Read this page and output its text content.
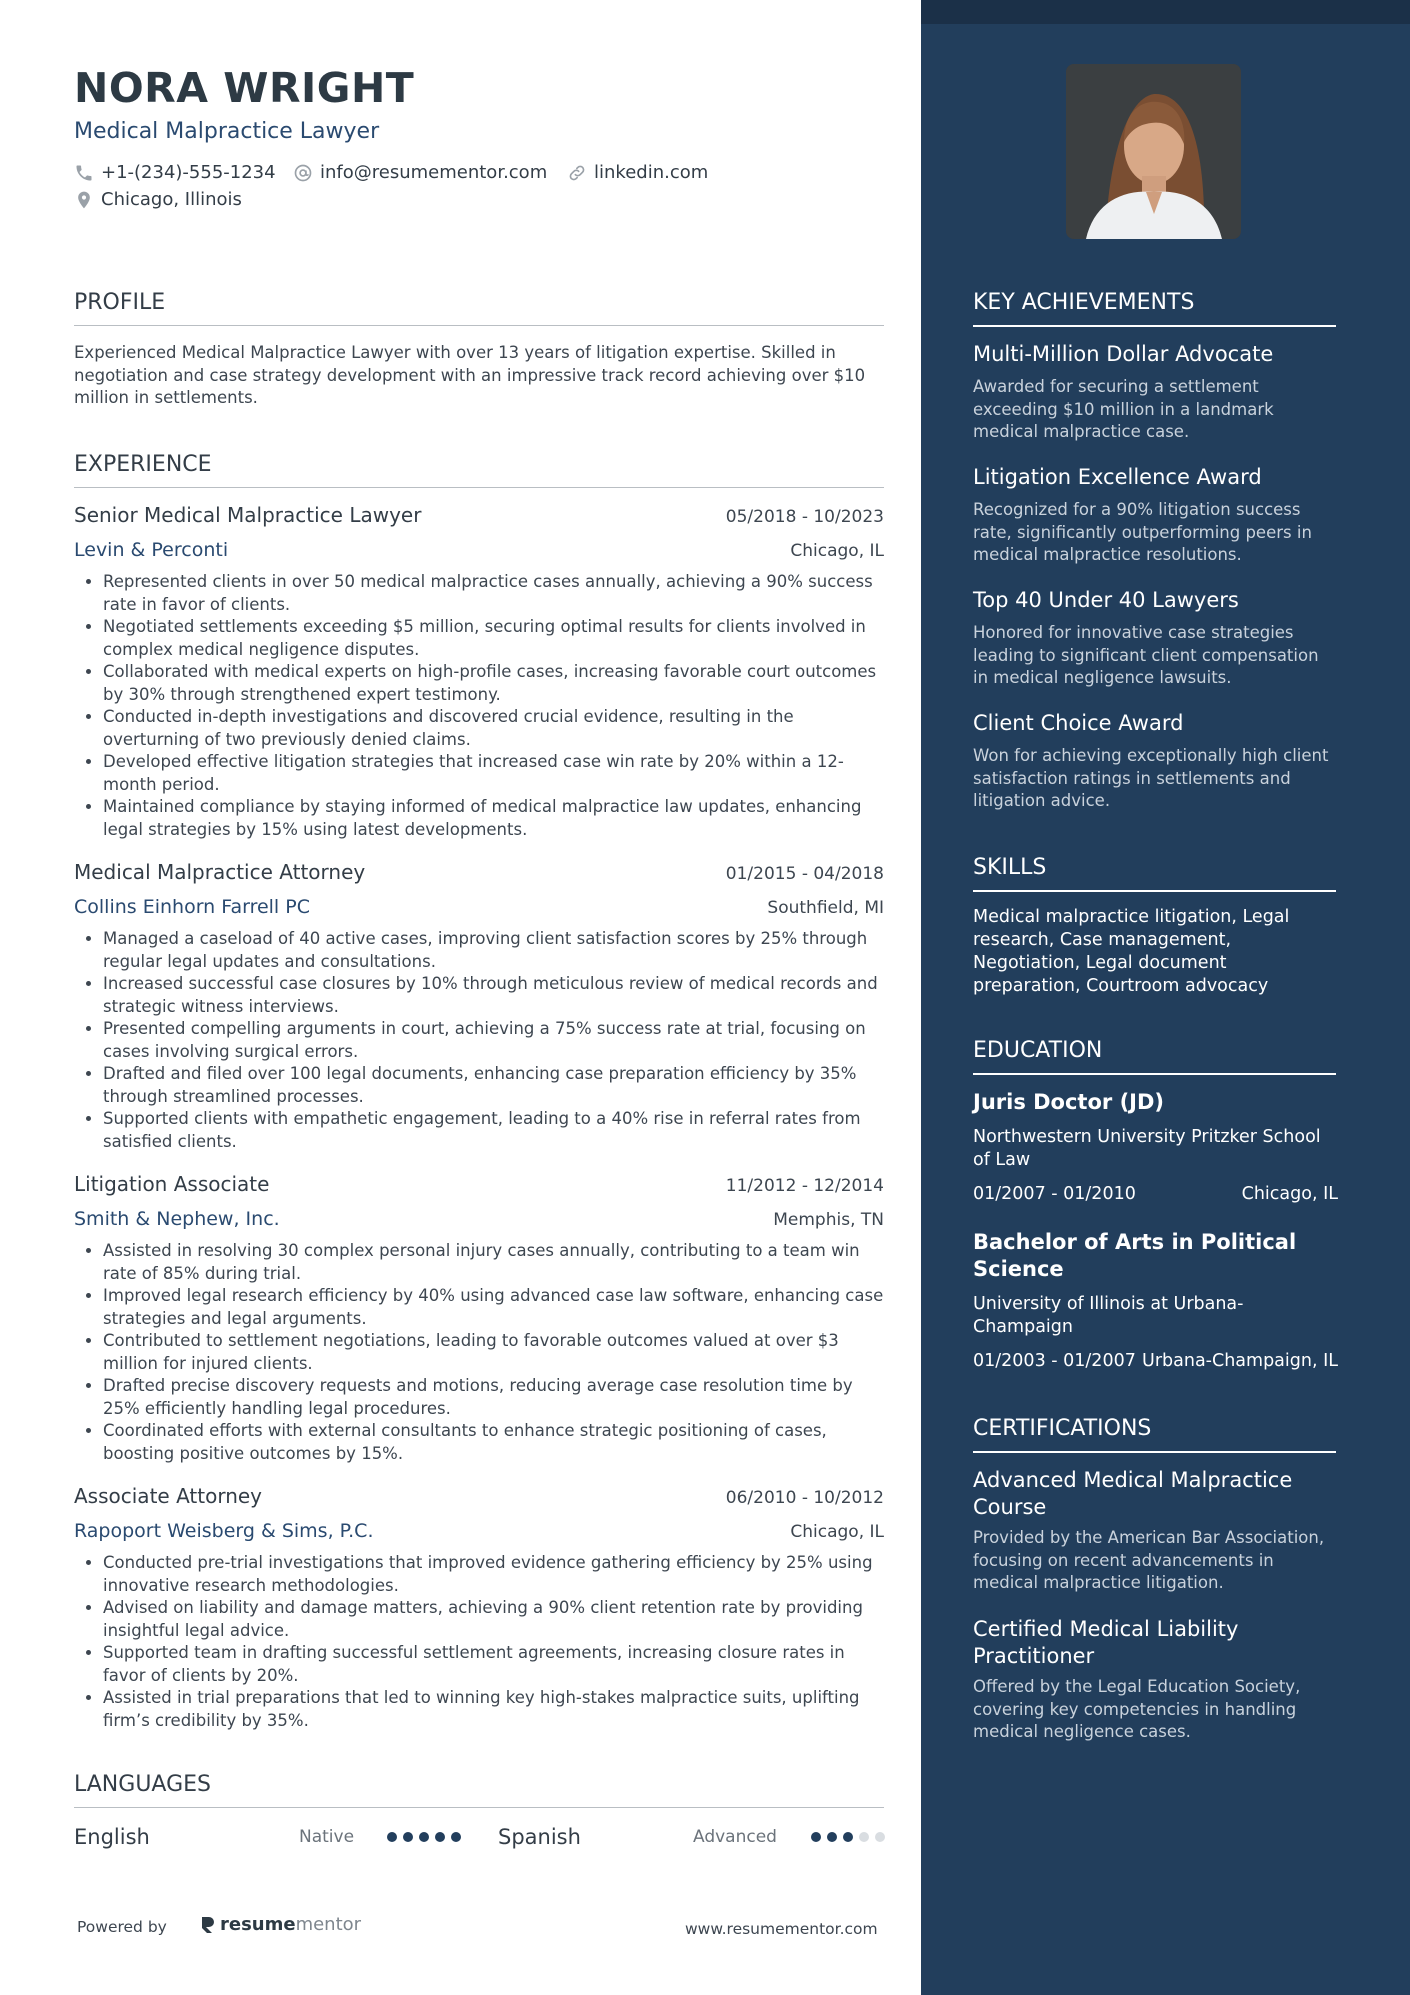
NORA WRIGHT
Medical Malpractice Lawyer
+1-(234)-555-1234 info@resumementor.com	linkedin.com
Chicago, Illinois
PROFILE
Experienced Medical Malpractice Lawyer with over 13 years of litigation expertise. Skilled in negotiation and case strategy development with an impressive track record achieving over $10 million in settlements.
EXPERIENCE
Senior Medical Malpractice Lawyer	05/2018 - 10/2023
Levin & Perconti	Chicago, IL
• Represented clients in over 50 medical malpractice cases annually, achieving a 90% success rate in favor of clients.
• Negotiated settlements exceeding $5 million, securing optimal results for clients involved in complex medical negligence disputes.
• Collaborated with medical experts on high-profile cases, increasing favorable court outcomes by 30% through strengthened expert testimony.
• Conducted in-depth investigations and discovered crucial evidence, resulting in the overturning of two previously denied claims.
• Developed effective litigation strategies that increased case win rate by 20% within a 12-month period.
• Maintained compliance by staying informed of medical malpractice law updates, enhancing legal strategies by 15% using latest developments.
Medical Malpractice Attorney	01/2015 - 04/2018
Collins Einhorn Farrell PC	Southfield, MI
• Managed a caseload of 40 active cases, improving client satisfaction scores by 25% through regular legal updates and consultations.
• Increased successful case closures by 10% through meticulous review of medical records and strategic witness interviews.
• Presented compelling arguments in court, achieving a 75% success rate at trial, focusing on cases involving surgical errors.
• Drafted and filed over 100 legal documents, enhancing case preparation efficiency by 35% through streamlined processes.
• Supported clients with empathetic engagement, leading to a 40% rise in referral rates from satisfied clients.
Litigation Associate	11/2012 - 12/2014
Smith & Nephew, Inc.	Memphis, TN
• Assisted in resolving 30 complex personal injury cases annually, contributing to a team win rate of 85% during trial.
• Improved legal research efficiency by 40% using advanced case law software, enhancing case strategies and legal arguments.
• Contributed to settlement negotiations, leading to favorable outcomes valued at over $3 million for injured clients.
• Drafted precise discovery requests and motions, reducing average case resolution time by 25% efficiently handling legal procedures.
• Coordinated efforts with external consultants to enhance strategic positioning of cases, boosting positive outcomes by 15%.
Associate Attorney	06/2010 - 10/2012
Rapoport Weisberg & Sims, P.C.	Chicago, IL
• Conducted pre-trial investigations that improved evidence gathering efficiency by 25% using innovative research methodologies.
• Advised on liability and damage matters, achieving a 90% client retention rate by providing insightful legal advice.
• Supported team in drafting successful settlement agreements, increasing closure rates in favor of clients by 20%.
• Assisted in trial preparations that led to winning key high-stakes malpractice suits, uplifting firm’s credibility by 35%.
LANGUAGES
English	Native	Spanish	Advanced
Powered by	resumementor	www.resumementor.com
KEY ACHIEVEMENTS
Multi-Million Dollar Advocate
Awarded for securing a settlement exceeding $10 million in a landmark medical malpractice case.
Litigation Excellence Award
Recognized for a 90% litigation success rate, significantly outperforming peers in medical malpractice resolutions.
Top 40 Under 40 Lawyers
Honored for innovative case strategies leading to significant client compensation in medical negligence lawsuits.
Client Choice Award
Won for achieving exceptionally high client satisfaction ratings in settlements and litigation advice.
SKILLS
Medical malpractice litigation, Legal research, Case management, Negotiation, Legal document preparation, Courtroom advocacy
EDUCATION
Juris Doctor (JD)
Northwestern University Pritzker School of Law
01/2007 - 01/2010	Chicago, IL
Bachelor of Arts in Political Science
University of Illinois at Urbana-Champaign
01/2003 - 01/2007 Urbana-Champaign, IL
CERTIFICATIONS
Advanced Medical Malpractice Course
Provided by the American Bar Association, focusing on recent advancements in medical malpractice litigation.
Certified Medical Liability Practitioner
Offered by the Legal Education Society, covering key competencies in handling medical negligence cases.
